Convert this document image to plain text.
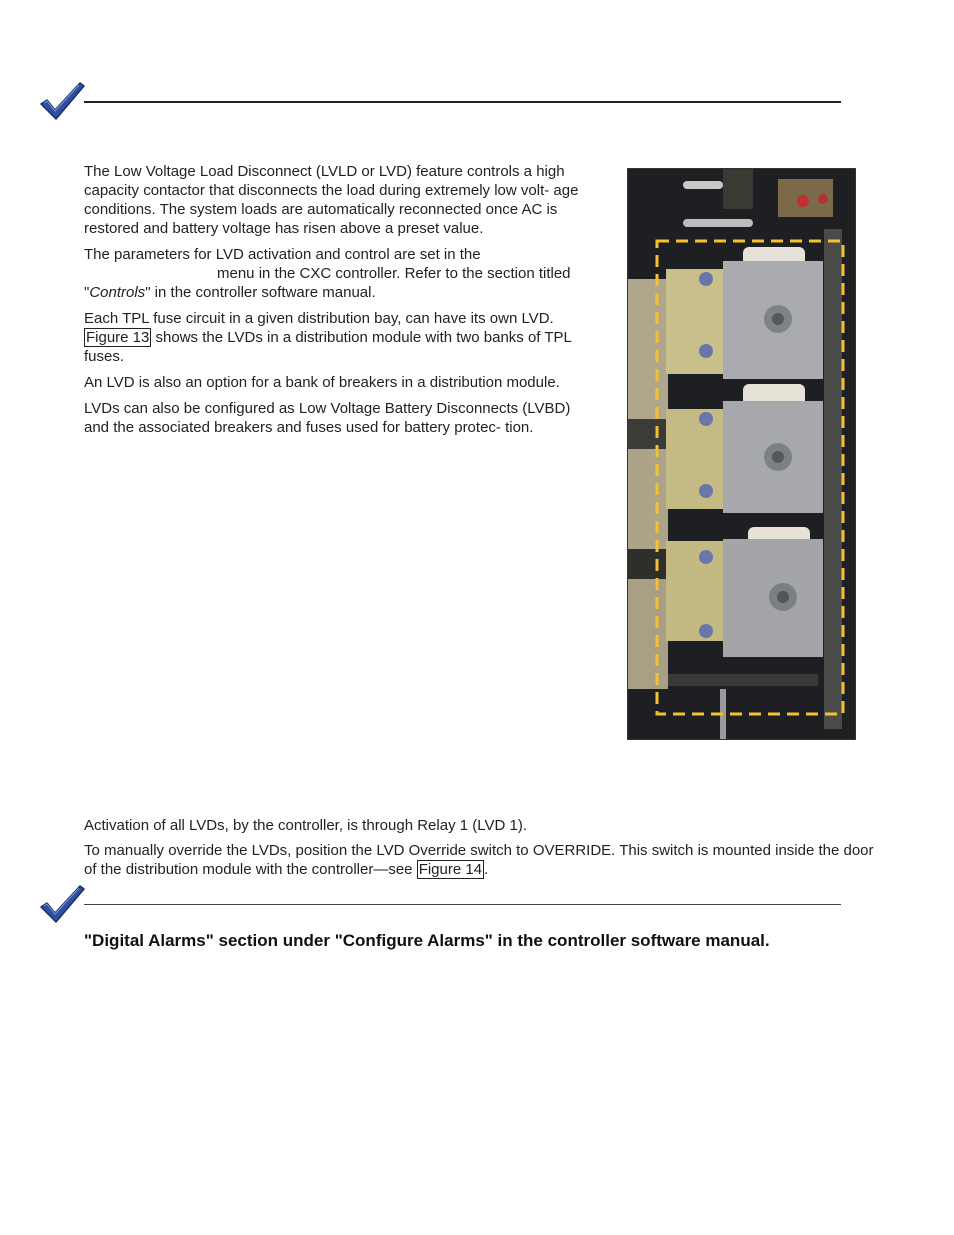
The Low Voltage Load Disconnect (LVLD or LVD) feature controls a high capacity contactor that disconnects the load during extremely low volt- age conditions. The system loads are automatically reconnected once AC is restored and battery voltage has risen above a preset value.

The parameters for LVD activation and control are set in the
menu in the CXC controller. Refer to the section titled
"Controls" in the controller software manual.

Each TPL fuse circuit in a given distribution bay, can have its own LVD.
Figure 13 shows the LVDs in a distribution module with two banks of TPL fuses.

An LVD is also an option for a bank of breakers in a distribution module.

LVDs can also be configured as Low Voltage Battery Disconnects (LVBD) and the associated breakers and fuses used for battery protec- tion.

Activation of all LVDs, by the controller, is through Relay 1 (LVD 1).

To manually override the LVDs, position the LVD Override switch to OVERRIDE. This switch is mounted inside the door of the distribution module with the controller—see Figure 14 .

"Digital Alarms" section under "Configure Alarms" in the controller software manual.
